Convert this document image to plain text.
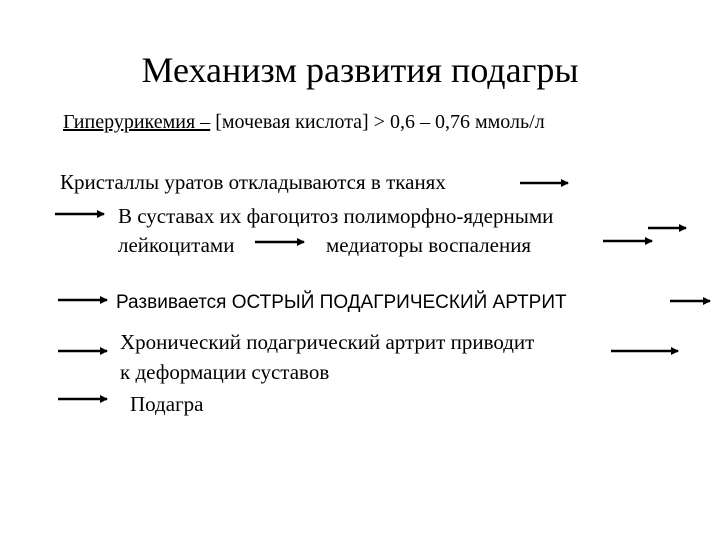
Механизм развития подагры
Гиперурикемия – [мочевая кислота] > 0,6 – 0,76 ммоль/л
Кристаллы уратов откладываются в тканях
В суставах их фагоцитоз полиморфно-ядерными
лейкоцитами	медиаторы воспаления
Развивается ОСТРЫЙ ПОДАГРИЧЕСКИЙ АРТРИТ
Хронический подагрический артрит приводит
к деформации суставов
Подагра
